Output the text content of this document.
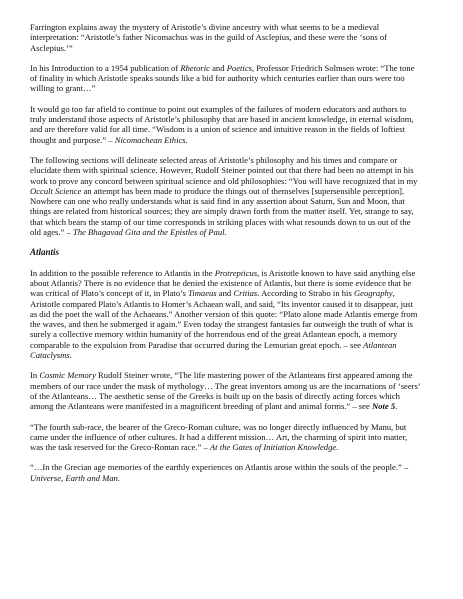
Farrington explains away the mystery of Aristotle’s divine ancestry with what seems to be a medieval interpretation: “Aristotle’s father Nicomachus was in the guild of Asclepius, and these were the ‘sons of Asclepius.’”

In his Introduction to a 1954 publication of Rhetoric and Poetics, Professor Friedrich Solmsen wrote: “The tone of finality in which Aristotle speaks sounds like a bid for authority which centuries earlier than ours were too willing to grant…”

It would go too far afield to continue to point out examples of the failures of modern educators and authors to truly understand those aspects of Aristotle’s philosophy that are based in ancient knowledge, in eternal wisdom, and are therefore valid for all time. “Wisdom is a union of science and intuitive reason in the fields of loftiest thought and purpose.” – Nicomachean Ethics.

The following sections will delineate selected areas of Aristotle’s philosophy and his times and compare or elucidate them with spiritual science. However, Rudolf Steiner pointed out that there had been no attempt in his work to prove any concord between spiritual science and old philosophies: “You will have recognized that in my Occult Science an attempt has been made to produce the things out of themselves [supersensible perception]. Nowhere can one who really understands what is said find in any assertion about Saturn, Sun and Moon, that things are related from historical sources; they are simply drawn forth from the matter itself. Yet, strange to say, that which bears the stamp of our time corresponds in striking places with what resounds down to us out of the old ages.” – The Bhagavad Gita and the Epistles of Paul.

Atlantis

In addition to the possible reference to Atlantis in the Protrepticus, is Aristotle known to have said anything else about Atlantis? There is no evidence that he denied the existence of Atlantis, but there is some evidence that he was critical of Plato’s concept of it, in Plato’s Timaeus and Critias. According to Strabo in his Geography, Aristotle compared Plato’s Atlantis to Homer’s Achaean wall, and said, “Its inventor caused it to disappear, just as did the poet the wall of the Achaeans.” Another version of this quote: “Plato alone made Atlantis emerge from the waves, and then he submerged it again.” Even today the strangest fantasies far outweigh the truth of what is surely a collective memory within humanity of the horrendous end of the great Atlantean epoch, a memory comparable to the expulsion from Paradise that occurred during the Lemurian great epoch. – see Atlantean Cataclysms.

In Cosmic Memory Rudolf Steiner wrote, “The life mastering power of the Atlanteans first appeared among the members of our race under the mask of mythology… The great inventors among us are the incarnations of ‘seers’ of the Atlanteans… The aesthetic sense of the Greeks is built up on the basis of directly acting forces which among the Atlanteans were manifested in a magnificent breeding of plant and animal forms.” – see Note 5.

“The fourth sub-race, the bearer of the Greco-Roman culture, was no longer directly influenced by Manu, but came under the influence of other cultures. It had a different mission… Art, the charming of spirit into matter, was the task reserved for the Greco-Roman race.” – At the Gates of Initiation Knowledge.

“…In the Grecian age memories of the earthly experiences on Atlantis arose within the souls of the people.” – Universe, Earth and Man.
